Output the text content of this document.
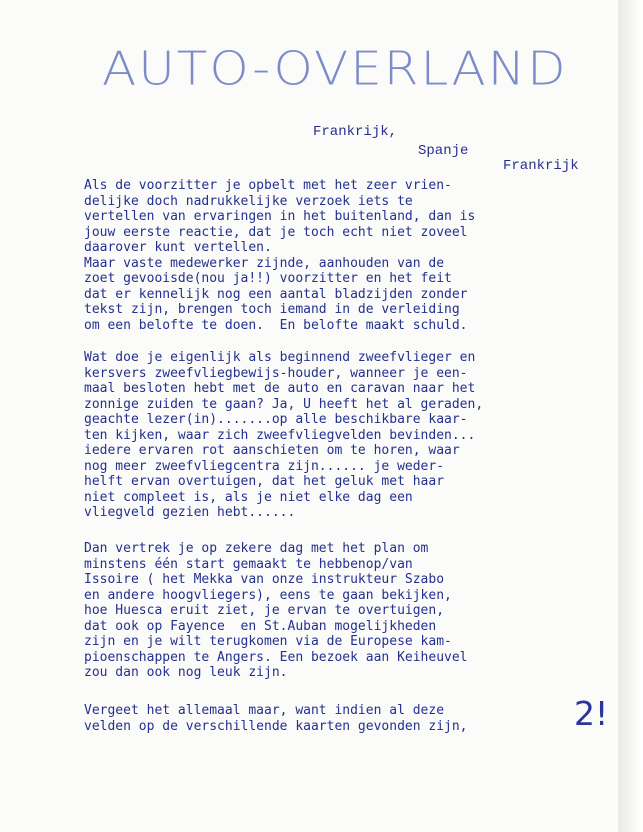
AUTO-OVERLAND
Frankrijk,
Spanje
Frankrijk
Als de voorzitter je opbelt met het zeer vrien-
delijke doch nadrukkelijke verzoek iets te
vertellen van ervaringen in het buitenland, dan is
jouw eerste reactie, dat je toch echt niet zoveel
daarover kunt vertellen.
Maar vaste medewerker zijnde, aanhouden van de
zoet gevooisde(nou ja!!) voorzitter en het feit
dat er kennelijk nog een aantal bladzijden zonder
tekst zijn, brengen toch iemand in de verleiding
om een belofte te doen.  En belofte maakt schuld.
Wat doe je eigenlijk als beginnend zweefvlieger en
kersvers zweefvliegbewijs-houder, wanneer je een-
maal besloten hebt met de auto en caravan naar het
zonnige zuiden te gaan? Ja, U heeft het al geraden,
geachte lezer(in).......op alle beschikbare kaar-
ten kijken, waar zich zweefvliegvelden bevinden...
iedere ervaren rot aanschieten om te horen, waar
nog meer zweefvliegcentra zijn...... je weder-
helft ervan overtuigen, dat het geluk met haar
niet compleet is, als je niet elke dag een
vliegveld gezien hebt......
Dan vertrek je op zekere dag met het plan om
minstens één start gemaakt te hebbenop/van
Issoire ( het Mekka van onze instrukteur Szabo
en andere hoogvliegers), eens te gaan bekijken,
hoe Huesca eruit ziet, je ervan te overtuigen,
dat ook op Fayence  en St.Auban mogelijkheden
zijn en je wilt terugkomen via de Europese kam-
pioenschappen te Angers. Een bezoek aan Keiheuvel
zou dan ook nog leuk zijn.
Vergeet het allemaal maar, want indien al deze
velden op de verschillende kaarten gevonden zijn,	2!
